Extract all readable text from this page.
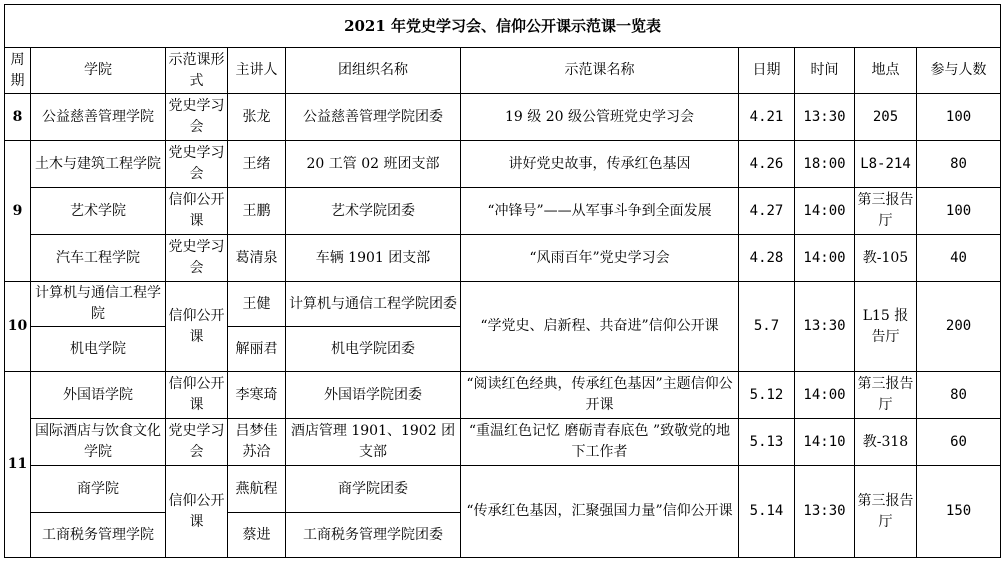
2021 年党史学习会、信仰公开课示范课一览表									
周期	学院	示范课形式	主讲人	团组织名称	示范课名称	日期	时间	地点	参与人数
8	公益慈善管理学院	党史学习会	张龙	公益慈善管理学院团委	19 级 20 级公管班党史学习会	4.21	13:30	205	100
9	土木与建筑工程学院	党史学习会	王绪	20 工管 02 班团支部	讲好党史故事，传承红色基因	4.26	18:00	L8-214	80
	艺术学院	信仰公开课	王鹏	艺术学院团委	“冲锋号”——从军事斗争到全面发展	4.27	14:00	第三报告厅	100
	汽车工程学院	党史学习会	葛清泉	车辆 1901 团支部	“风雨百年”党史学习会	4.28	14:00	教-105	40
10	计算机与通信工程学院	信仰公开课	王健	计算机与通信工程学院团委	“学党史、启新程、共奋进”信仰公开课	5.7	13:30	L15 报告厅	200
	机电学院		解丽君	机电学院团委					
11	外国语学院	信仰公开课	李寒琦	外国语学院团委	“阅读红色经典，传承红色基因”主题信仰公开课	5.12	14:00	第三报告厅	80
	国际酒店与饮食文化学院	党史学习会	吕梦佳 苏洽	酒店管理 1901、1902 团支部	“重温红色记忆 磨砺青春底色 ”致敬党的地下工作者	5.13	14:10	教-318	60
	商学院	信仰公开课	燕航程	商学院团委	“传承红色基因，汇聚强国力量”信仰公开课	5.14	13:30	第三报告厅	150
	工商税务管理学院		蔡进	工商税务管理学院团委					
